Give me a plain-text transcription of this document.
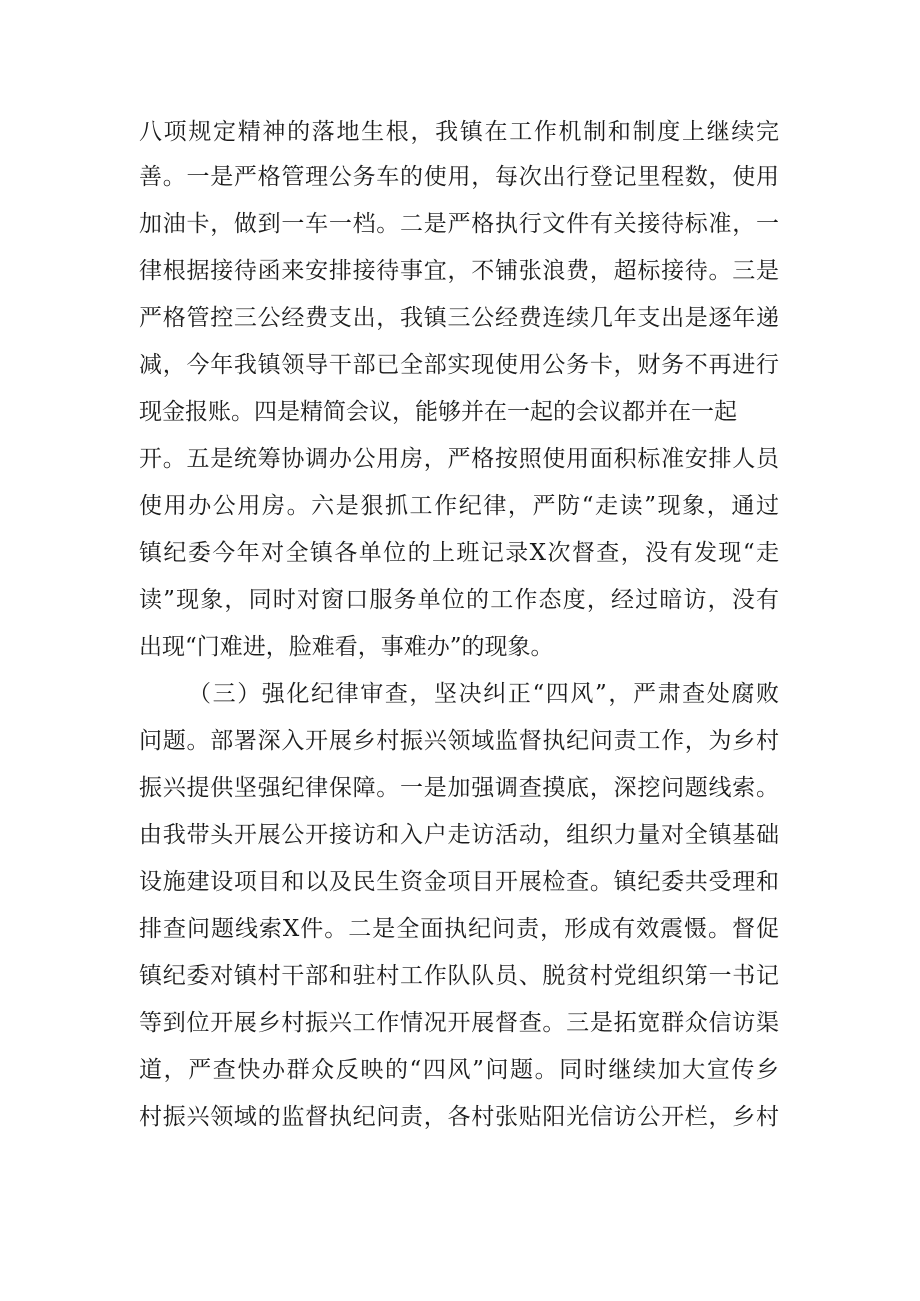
八项规定精神的落地生根，我镇在工作机制和制度上继续完
善。一是严格管理公务车的使用，每次出行登记里程数，使用
加油卡，做到一车一档。二是严格执行文件有关接待标准，一
律根据接待函来安排接待事宜，不铺张浪费，超标接待。三是
严格管控三公经费支出，我镇三公经费连续几年支出是逐年递
减，今年我镇领导干部已全部实现使用公务卡，财务不再进行
现金报账。四是精简会议，能够并在一起的会议都并在一起
开。五是统筹协调办公用房，严格按照使用面积标准安排人员
使用办公用房。六是狠抓工作纪律，严防“走读”现象，通过
镇纪委今年对全镇各单位的上班记录X次督查，没有发现“走
读”现象，同时对窗口服务单位的工作态度，经过暗访，没有
出现“门难进，脸难看，事难办”的现象。
（三）强化纪律审查，坚决纠正“四风”，严肃查处腐败
问题。部署深入开展乡村振兴领域监督执纪问责工作，为乡村
振兴提供坚强纪律保障。一是加强调查摸底，深挖问题线索。
由我带头开展公开接访和入户走访活动，组织力量对全镇基础
设施建设项目和以及民生资金项目开展检查。镇纪委共受理和
排查问题线索X件。二是全面执纪问责，形成有效震慑。督促
镇纪委对镇村干部和驻村工作队队员、脱贫村党组织第一书记
等到位开展乡村振兴工作情况开展督查。三是拓宽群众信访渠
道，严查快办群众反映的“四风”问题。同时继续加大宣传乡
村振兴领域的监督执纪问责，各村张贴阳光信访公开栏，乡村
